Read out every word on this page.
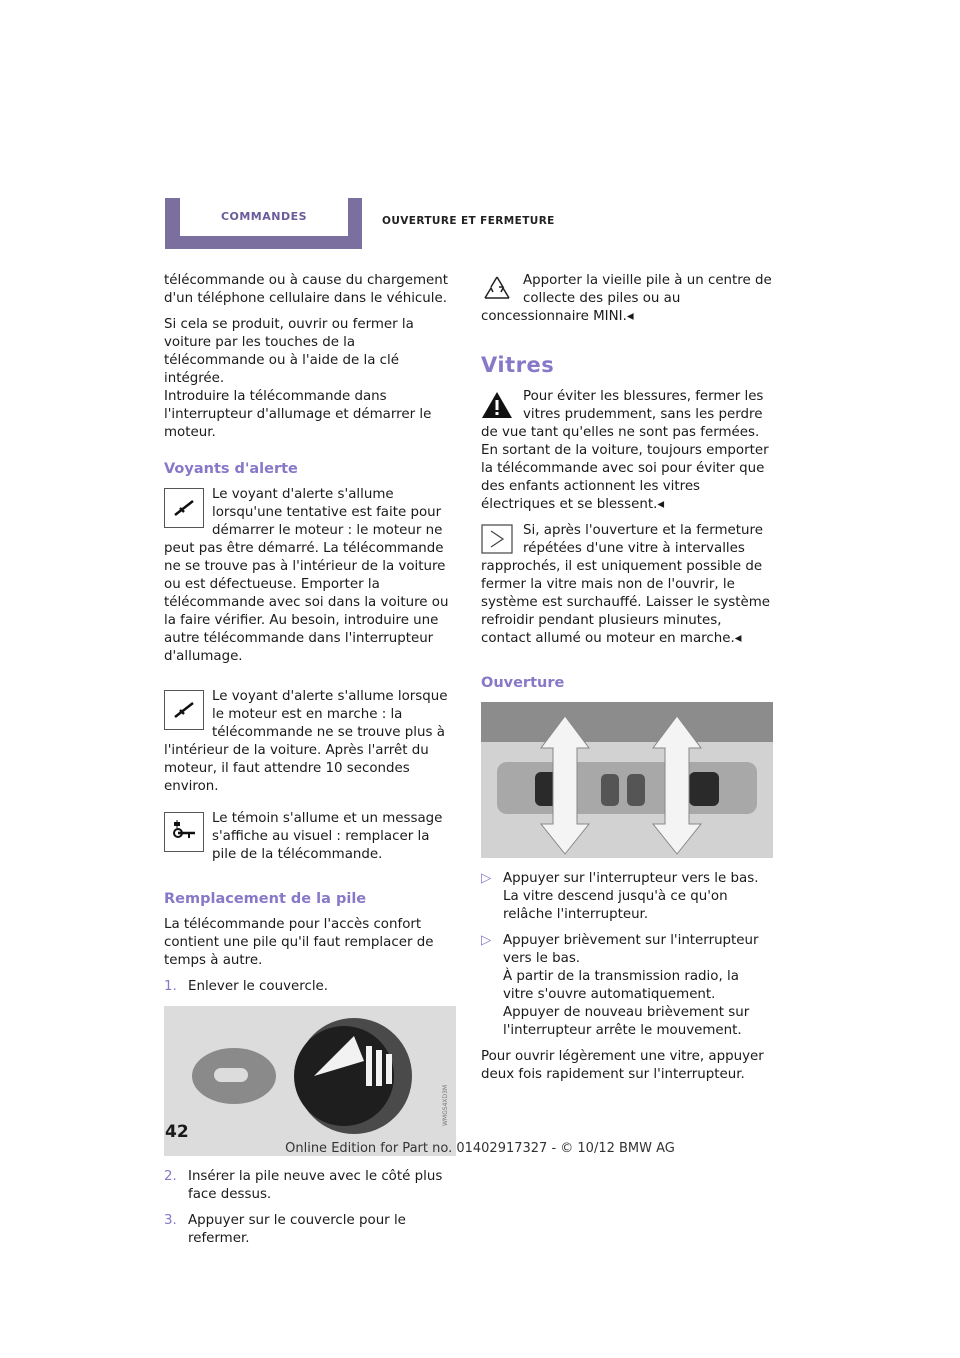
COMMANDES	OUVERTURE ET FERMETURE

télécommande ou à cause du chargement d'un téléphone cellulaire dans le véhicule.

Si cela se produit, ouvrir ou fermer la voiture par les touches de la télécommande ou à l'aide de la clé intégrée.
Introduire la télécommande dans l'interrupteur d'allumage et démarrer le moteur.

Voyants d'alerte

Le voyant d'alerte s'allume lorsqu'une tentative est faite pour démarrer le moteur : le moteur ne peut pas être démarré. La télécommande ne se trouve pas à l'intérieur de la voiture ou est défectueuse. Emporter la télécommande avec soi dans la voiture ou la faire vérifier. Au besoin, introduire une autre télécommande dans l'interrupteur d'allumage.

Le voyant d'alerte s'allume lorsque le moteur est en marche : la télécommande ne se trouve plus à l'intérieur de la voiture. Après l'arrêt du moteur, il faut attendre 10 secondes environ.

Le témoin s'allume et un message s'affiche au visuel : remplacer la pile de la télécommande.

Remplacement de la pile

La télécommande pour l'accès confort contient une pile qu'il faut remplacer de temps à autre.

1. Enlever le couvercle.
WMGS4XD3M
2. Insérer la pile neuve avec le côté plus face dessus.
3. Appuyer sur le couvercle pour le refermer.

Apporter la vieille pile à un centre de collecte des piles ou au concessionnaire MINI.◂

Vitres

Pour éviter les blessures, fermer les vitres prudemment, sans les perdre de vue tant qu'elles ne sont pas fermées.
En sortant de la voiture, toujours emporter la télécommande avec soi pour éviter que des enfants actionnent les vitres électriques et se blessent.◂

Si, après l'ouverture et la fermeture répétées d'une vitre à intervalles rapprochés, il est uniquement possible de fermer la vitre mais non de l'ouvrir, le système est surchauffé. Laisser le système refroidir pendant plusieurs minutes, contact allumé ou moteur en marche.◂

Ouverture
▷ Appuyer sur l'interrupteur vers le bas.
La vitre descend jusqu'à ce qu'on relâche l'interrupteur.
▷ Appuyer brièvement sur l'interrupteur vers le bas.
À partir de la transmission radio, la vitre s'ouvre automatiquement. Appuyer de nouveau brièvement sur l'interrupteur arrête le mouvement.

Pour ouvrir légèrement une vitre, appuyer deux fois rapidement sur l'interrupteur.

42
Online Edition for Part no. 01402917327 - © 10/12 BMW AG
